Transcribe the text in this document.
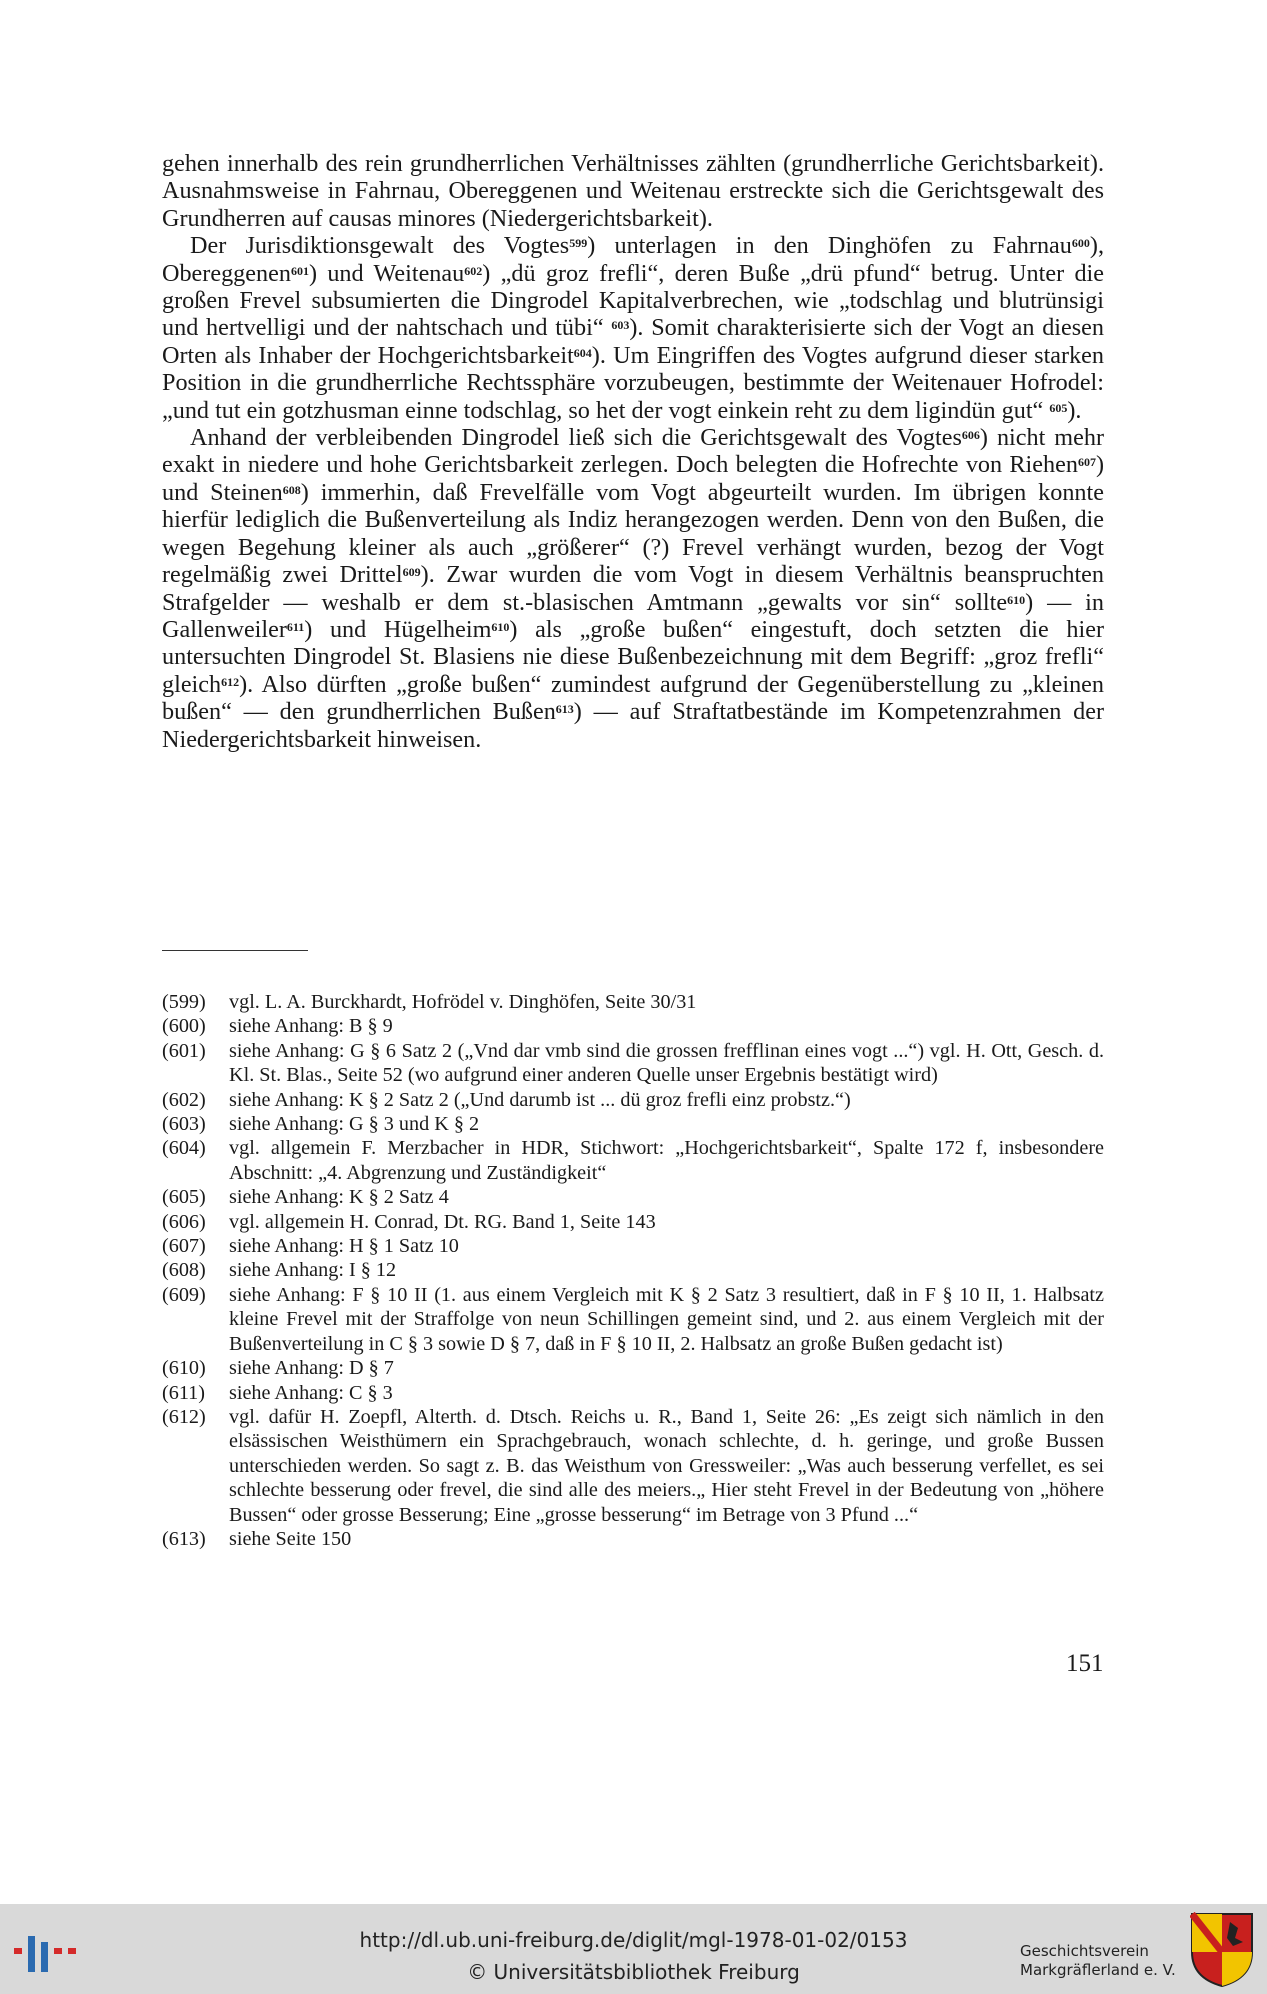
gehen innerhalb des rein grundherrlichen Verhältnisses zählten (grundherrliche Gerichtsbarkeit). Ausnahmsweise in Fahrnau, Obereggenen und Weitenau erstreckte sich die Gerichtsgewalt des Grundherren auf causas minores (Niedergerichtsbarkeit).

Der Jurisdiktionsgewalt des Vogtes$^{599}$) unterlagen in den Dinghöfen zu Fahrnau$^{600}$), Obereggenen$^{601}$) und Weitenau$^{602}$) „dü groz frefli“, deren Buße „drü pfund“ betrug. Unter die großen Frevel subsumierten die Dingrodel Kapitalverbrechen, wie „todschlag und blutrünsigi und hertvelligi und der nahtschach und tübi“ $^{603}$). Somit charakterisierte sich der Vogt an diesen Orten als Inhaber der Hochgerichtsbarkeit$^{604}$). Um Eingriffen des Vogtes aufgrund dieser starken Position in die grundherrliche Rechtssphäre vorzubeugen, bestimmte der Weitenauer Hofrodel: „und tut ein gotzhusman einne todschlag, so het der vogt einkein reht zu dem ligindün gut“ $^{605}$).

Anhand der verbleibenden Dingrodel ließ sich die Gerichtsgewalt des Vogtes$^{606}$) nicht mehr exakt in niedere und hohe Gerichtsbarkeit zerlegen. Doch belegten die Hofrechte von Riehen$^{607}$) und Steinen$^{608}$) immerhin, daß Frevelfälle vom Vogt abgeurteilt wurden. Im übrigen konnte hierfür lediglich die Bußenverteilung als Indiz herangezogen werden. Denn von den Bußen, die wegen Begehung kleiner als auch „größerer“ (?) Frevel verhängt wurden, bezog der Vogt regelmäßig zwei Drittel$^{609}$). Zwar wurden die vom Vogt in diesem Verhältnis beanspruchten Strafgelder — weshalb er dem st.-blasischen Amtmann „gewalts vor sin“ sollte$^{610}$) — in Gallenweiler$^{611}$) und Hügelheim$^{610}$) als „große bußen“ eingestuft, doch setzten die hier untersuchten Dingrodel St. Blasiens nie diese Bußenbezeichnung mit dem Begriff: „groz frefli“ gleich$^{612}$). Also dürften „große bußen“ zumindest aufgrund der Gegenüberstellung zu „kleinen bußen“ — den grundherrlichen Bußen$^{613}$) — auf Straftatbestände im Kompetenzrahmen der Niedergerichtsbarkeit hinweisen.

(599)	vgl. L. A. Burckhardt, Hofrödel v. Dinghöfen, Seite 30/31
(600)	siehe Anhang: B § 9
(601)	siehe Anhang: G § 6 Satz 2 („Vnd dar vmb sind die grossen frefflinan eines vogt ...“) vgl. H. Ott, Gesch. d. Kl. St. Blas., Seite 52 (wo aufgrund einer anderen Quelle unser Ergebnis bestätigt wird)
(602)	siehe Anhang: K § 2 Satz 2 („Und darumb ist ... dü groz frefli einz probstz.“)
(603)	siehe Anhang: G § 3 und K § 2
(604)	vgl. allgemein F. Merzbacher in HDR, Stichwort: „Hochgerichtsbarkeit“, Spalte 172 f, insbesondere Abschnitt: „4. Abgrenzung und Zuständigkeit“
(605)	siehe Anhang: K § 2 Satz 4
(606)	vgl. allgemein H. Conrad, Dt. RG. Band 1, Seite 143
(607)	siehe Anhang: H § 1 Satz 10
(608)	siehe Anhang: I § 12
(609)	siehe Anhang: F § 10 II (1. aus einem Vergleich mit K § 2 Satz 3 resultiert, daß in F § 10 II, 1. Halbsatz kleine Frevel mit der Straffolge von neun Schillingen gemeint sind, und 2. aus einem Vergleich mit der Bußenverteilung in C § 3 sowie D § 7, daß in F § 10 II, 2. Halbsatz an große Bußen gedacht ist)
(610)	siehe Anhang: D § 7
(611)	siehe Anhang: C § 3
(612)	vgl. dafür H. Zoepfl, Alterth. d. Dtsch. Reichs u. R., Band 1, Seite 26: „Es zeigt sich nämlich in den elsässischen Weisthümern ein Sprachgebrauch, wonach schlechte, d. h. geringe, und große Bussen unterschieden werden. So sagt z. B. das Weisthum von Gressweiler: „Was auch besserung verfellet, es sei schlechte besserung oder frevel, die sind alle des meiers.„ Hier steht Frevel in der Bedeutung von „höhere Bussen“ oder grosse Besserung; Eine „grosse besserung“ im Betrage von 3 Pfund ...“
(613)	siehe Seite 150
151
http://dl.ub.uni-freiburg.de/diglit/mgl-1978-01-02/0153
© Universitätsbibliothek Freiburg
Geschichtsverein
Markgräflerland e. V.
